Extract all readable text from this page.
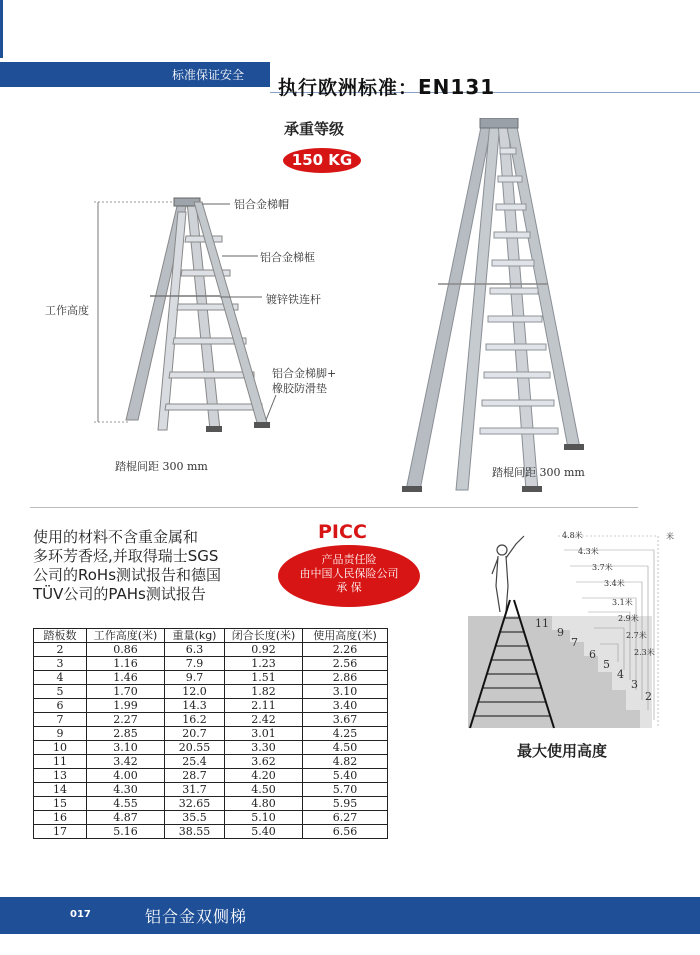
标准保证安全
执行欧洲标准：EN131
承重等级
150 KG
铝合金梯帽
铝合金梯框
镀锌铁连杆
铝合金梯脚+
橡胶防滑垫
工作高度
踏棍间距 300 mm	踏棍间距 300 mm
使用的材料不含重金属和
多环芳香烃,并取得瑞士SGS
公司的RoHs测试报告和德国
TÜV公司的PAHs测试报告
PICC
产品责任险
由中国人民保险公司
承 保
踏板数	工作高度(米)	重量(kg)	闭合长度(米)	使用高度(米)
2	0.86	6.3	0.92	2.26
3	1.16	7.9	1.23	2.56
4	1.46	9.7	1.51	2.86
5	1.70	12.0	1.82	3.10
6	1.99	14.3	2.11	3.40
7	2.27	16.2	2.42	3.67
9	2.85	20.7	3.01	4.25
10	3.10	20.55	3.30	4.50
11	3.42	25.4	3.62	4.82
13	4.00	28.7	4.20	5.40
14	4.30	31.7	4.50	5.70
15	4.55	32.65	4.80	5.95
16	4.87	35.5	5.10	6.27
17	5.16	38.55	5.40	6.56
米
4.8米
4.3米
3.7米
3.4米
3.1米
2.9米
2.7米
2.3米
11
9
7
6
5
4
3
2
最大使用高度
017	铝合金双侧梯
